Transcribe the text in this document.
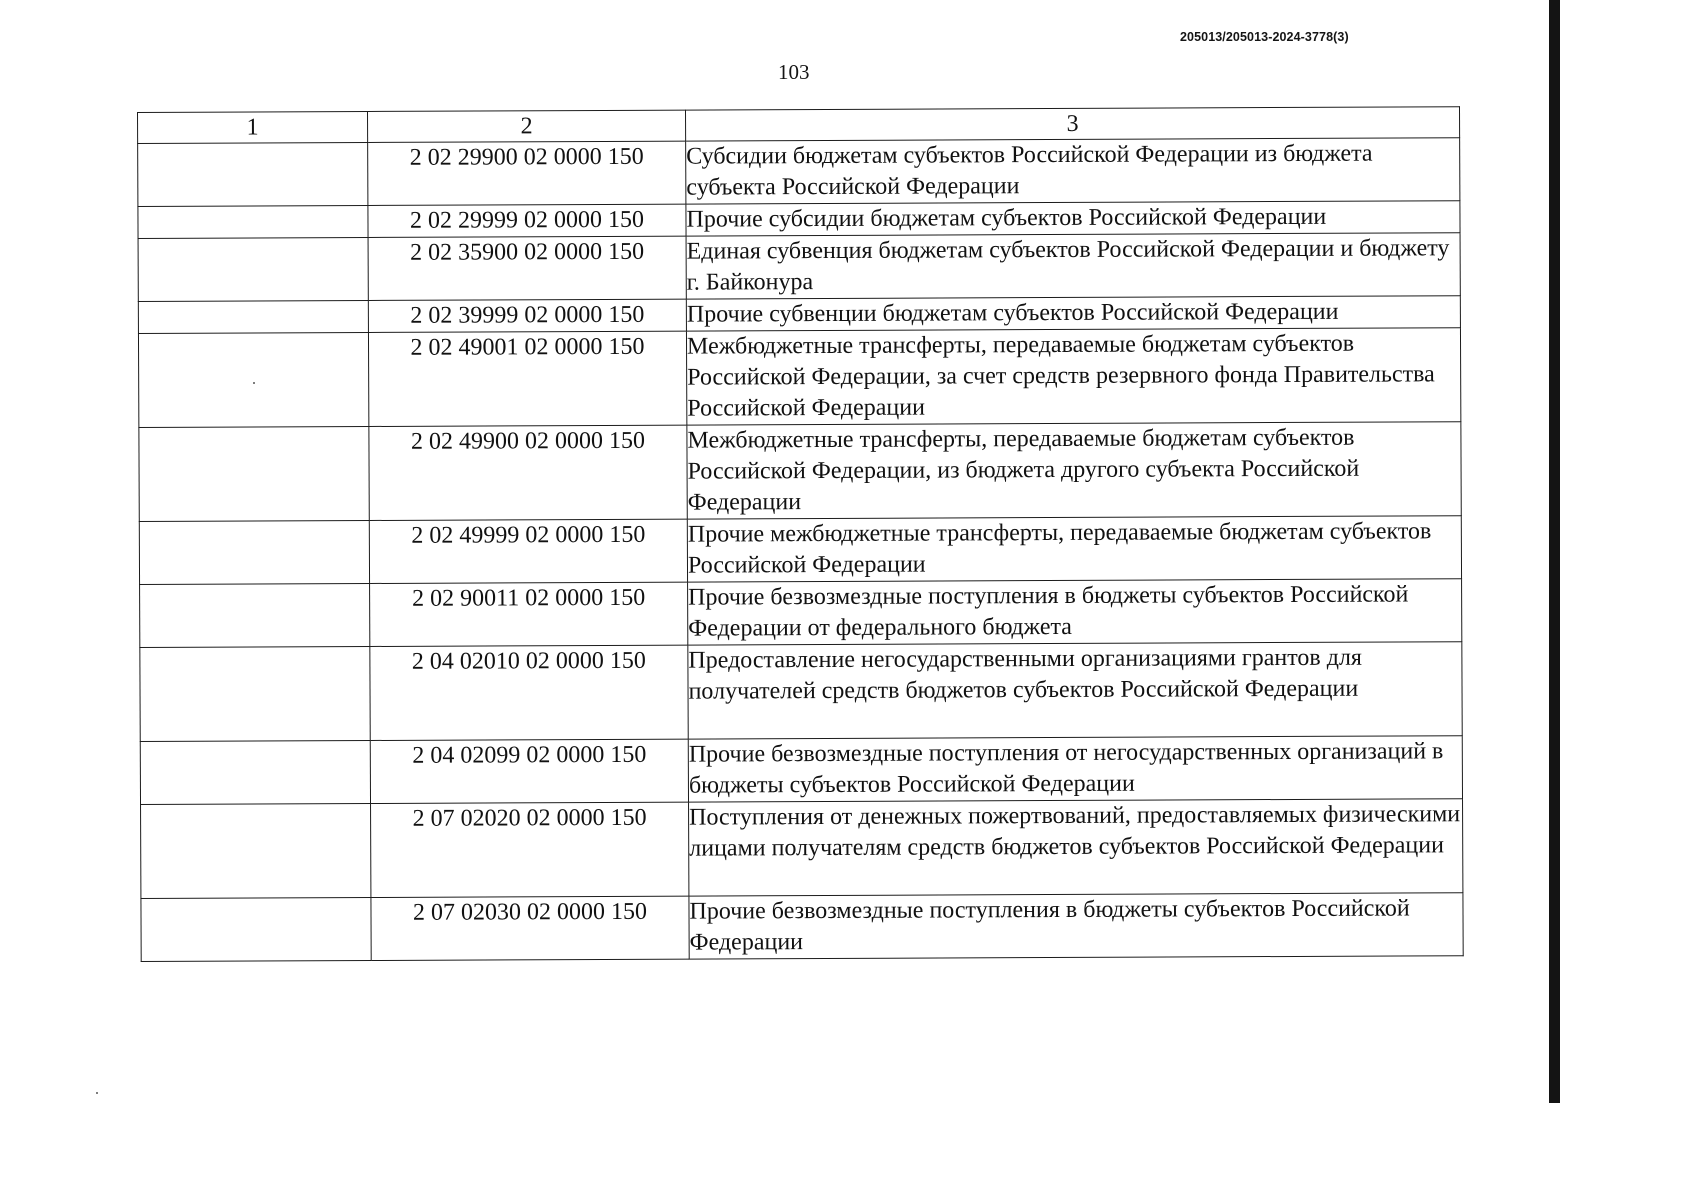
205013/205013-2024-3778(3)
103
1	2	3
	2 02 29900 02 0000 150	Субсидии бюджетам субъектов Российской Федерации из бюджета субъекта Российской Федерации
	2 02 29999 02 0000 150	Прочие субсидии бюджетам субъектов Российской Федерации
	2 02 35900 02 0000 150	Единая субвенция бюджетам субъектов Российской Федерации и бюджету г. Байконура
	2 02 39999 02 0000 150	Прочие субвенции бюджетам субъектов Российской Федерации
	2 02 49001 02 0000 150	Межбюджетные трансферты, передаваемые бюджетам субъектов Российской Федерации, за счет средств резервного фонда Правительства Российской Федерации
	2 02 49900 02 0000 150	Межбюджетные трансферты, передаваемые бюджетам субъектов Российской Федерации, из бюджета другого субъекта Российской Федерации
	2 02 49999 02 0000 150	Прочие межбюджетные трансферты, передаваемые бюджетам субъектов Российской Федерации
	2 02 90011 02 0000 150	Прочие безвозмездные поступления в бюджеты субъектов Российской Федерации от федерального бюджета
	2 04 02010 02 0000 150	Предоставление негосударственными организациями грантов для получателей средств бюджетов субъектов Российской Федерации
	2 04 02099 02 0000 150	Прочие безвозмездные поступления от негосударственных организаций в бюджеты субъектов Российской Федерации
	2 07 02020 02 0000 150	Поступления от денежных пожертвований, предоставляемых физическими лицами получателям средств бюджетов субъектов Российской Федерации
	2 07 02030 02 0000 150	Прочие безвозмездные поступления в бюджеты субъектов Российской Федерации
